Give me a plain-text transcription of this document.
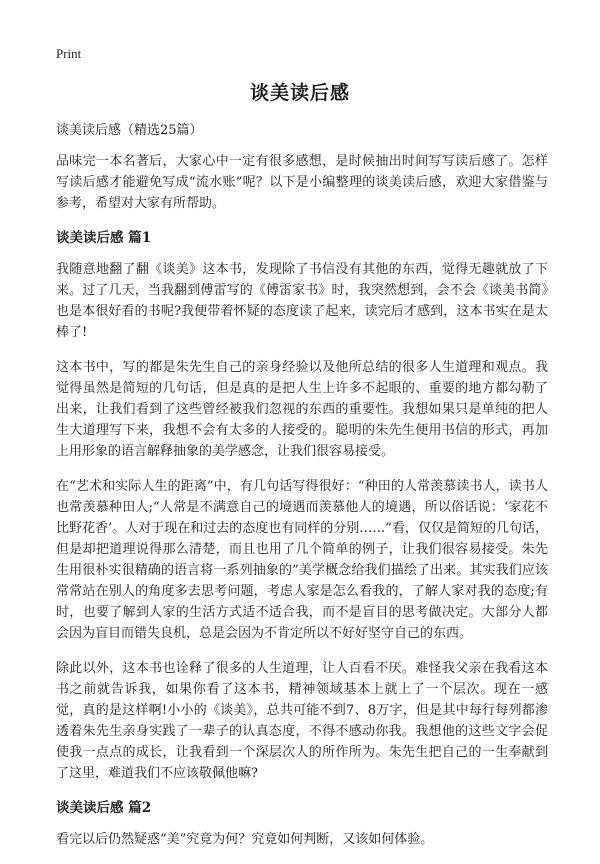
Print
谈美读后感

谈美读后感（精选25篇）

品味完一本名著后，大家心中一定有很多感想，是时候抽出时间写写读后感了。怎样写读后感才能避免写成“流水账”呢？以下是小编整理的谈美读后感，欢迎大家借鉴与参考，希望对大家有所帮助。

谈美读后感 篇1

我随意地翻了翻《谈美》这本书，发现除了书信没有其他的东西，觉得无趣就放了下来。过了几天，当我翻到傅雷写的《傅雷家书》时，我突然想到，会不会《谈美书简》也是本很好看的书呢?我便带着怀疑的态度读了起来，读完后才感到，这本书实在是太棒了!

这本书中，写的都是朱先生自己的亲身经验以及他所总结的很多人生道理和观点。我觉得虽然是简短的几句话，但是真的是把人生上许多不起眼的、重要的地方都勾勒了出来，让我们看到了这些曾经被我们忽视的东西的重要性。我想如果只是单纯的把人生大道理写下来，我想不会有太多的人接受的。聪明的朱先生便用书信的形式，再加上用形象的语言解释抽象的美学感念，让我们很容易接受。

在“艺术和实际人生的距离”中，有几句话写得很好：“种田的人常羡慕读书人，读书人也常羡慕种田人;“人常是不满意自己的境遇而羡慕他人的境遇，所以俗话说：‘家花不比野花香’。人对于现在和过去的态度也有同样的分别……”看，仅仅是简短的几句话，但是却把道理说得那么清楚，而且也用了几个简单的例子，让我们很容易接受。朱先生用很朴实很精确的语言将一系列抽象的”美学概念给我们描绘了出来。其实我们应该常常站在别人的角度多去思考问题，考虑人家是怎么看我的，了解人家对我的态度;有时，也要了解到人家的生活方式适不适合我，而不是盲目的思考做决定。大部分人都会因为盲目而错失良机，总是会因为不肯定所以不好好坚守自己的东西。

除此以外，这本书也诠释了很多的人生道理，让人百看不厌。难怪我父亲在我看这本书之前就告诉我，如果你看了这本书，精神领域基本上就上了一个层次。现在一感觉，真的是这样啊!小小的《谈美》，总共可能不到7、8万字，但是其中每行每列都渗透着朱先生亲身实践了一辈子的认真态度，不得不感动你我。我想他的这些文字会促使我一点点的成长，让我看到一个深层次人的所作所为。朱先生把自己的一生奉献到了这里，难道我们不应该敬佩他嘛?

谈美读后感 篇2

看完以后仍然疑惑“美”究竟为何？究竟如何判断，又该如何体验。
